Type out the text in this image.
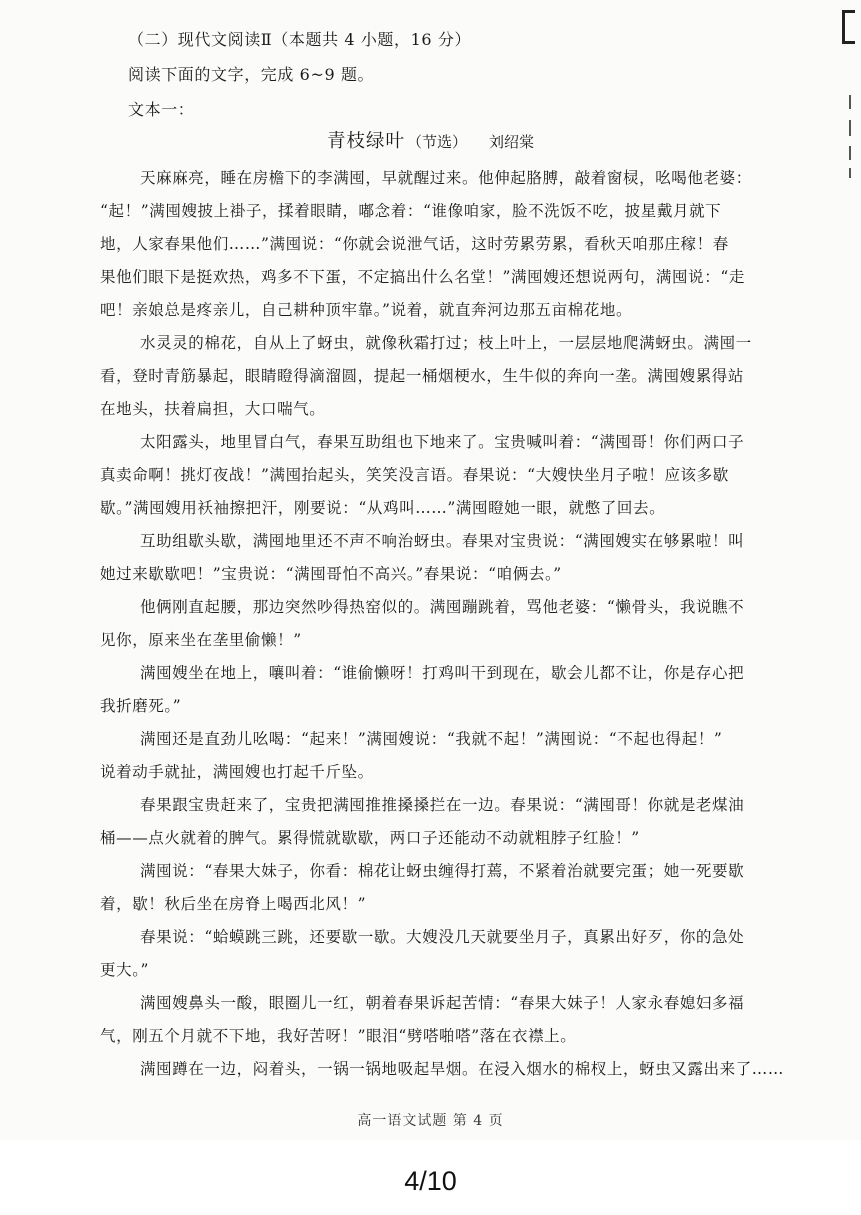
（二）现代文阅读Ⅱ（本题共 4 小题，16 分）
阅读下面的文字，完成 6~9 题。
文本一：
青枝绿叶 （节选） 刘绍棠
天麻麻亮，睡在房檐下的李满囤，早就醒过来。他伸起胳膊，敲着窗棂，吆喝他老婆：
“起！”满囤嫂披上褂子，揉着眼睛，嘟念着：“谁像咱家，脸不洗饭不吃，披星戴月就下
地，人家春果他们……”满囤说：“你就会说泄气话，这时劳累劳累，看秋天咱那庄稼！春
果他们眼下是挺欢热，鸡多不下蛋，不定搞出什么名堂！”满囤嫂还想说两句，满囤说：“走
吧！亲娘总是疼亲儿，自己耕种顶牢靠。”说着，就直奔河边那五亩棉花地。
水灵灵的棉花，自从上了蚜虫，就像秋霜打过；枝上叶上，一层层地爬满蚜虫。满囤一
看，登时青筋暴起，眼睛瞪得滴溜圆，提起一桶烟梗水，生牛似的奔向一垄。满囤嫂累得站
在地头，扶着扁担，大口喘气。
太阳露头，地里冒白气，春果互助组也下地来了。宝贵喊叫着：“满囤哥！你们两口子
真卖命啊！挑灯夜战！”满囤抬起头，笑笑没言语。春果说：“大嫂快坐月子啦！应该多歇
歇。”满囤嫂用袄袖擦把汗，刚要说：“从鸡叫……”满囤瞪她一眼，就憋了回去。
互助组歇头歇，满囤地里还不声不响治蚜虫。春果对宝贵说：“满囤嫂实在够累啦！叫
她过来歇歇吧！”宝贵说：“满囤哥怕不高兴。”春果说：“咱俩去。”
他俩刚直起腰，那边突然吵得热窑似的。满囤蹦跳着，骂他老婆：“懒骨头，我说瞧不
见你，原来坐在垄里偷懒！”
满囤嫂坐在地上，嚷叫着：“谁偷懒呀！打鸡叫干到现在，歇会儿都不让，你是存心把
我折磨死。”
满囤还是直劲儿吆喝：“起来！”满囤嫂说：“我就不起！”满囤说：“不起也得起！”
说着动手就扯，满囤嫂也打起千斤坠。
春果跟宝贵赶来了，宝贵把满囤推推搡搡拦在一边。春果说：“满囤哥！你就是老煤油
桶——点火就着的脾气。累得慌就歇歇，两口子还能动不动就粗脖子红脸！”
满囤说：“春果大妹子，你看：棉花让蚜虫缠得打蔫，不紧着治就要完蛋；她一死要歇
着，歇！秋后坐在房脊上喝西北风！”
春果说：“蛤蟆跳三跳，还要歇一歇。大嫂没几天就要坐月子，真累出好歹，你的急处
更大。”
满囤嫂鼻头一酸，眼圈儿一红，朝着春果诉起苦情：“春果大妹子！人家永春媳妇多福
气，刚五个月就不下地，我好苦呀！”眼泪“劈嗒啪嗒”落在衣襟上。
满囤蹲在一边，闷着头，一锅一锅地吸起旱烟。在浸入烟水的棉杈上，蚜虫又露出来了……
高一语文试题 第 4 页
4/10
